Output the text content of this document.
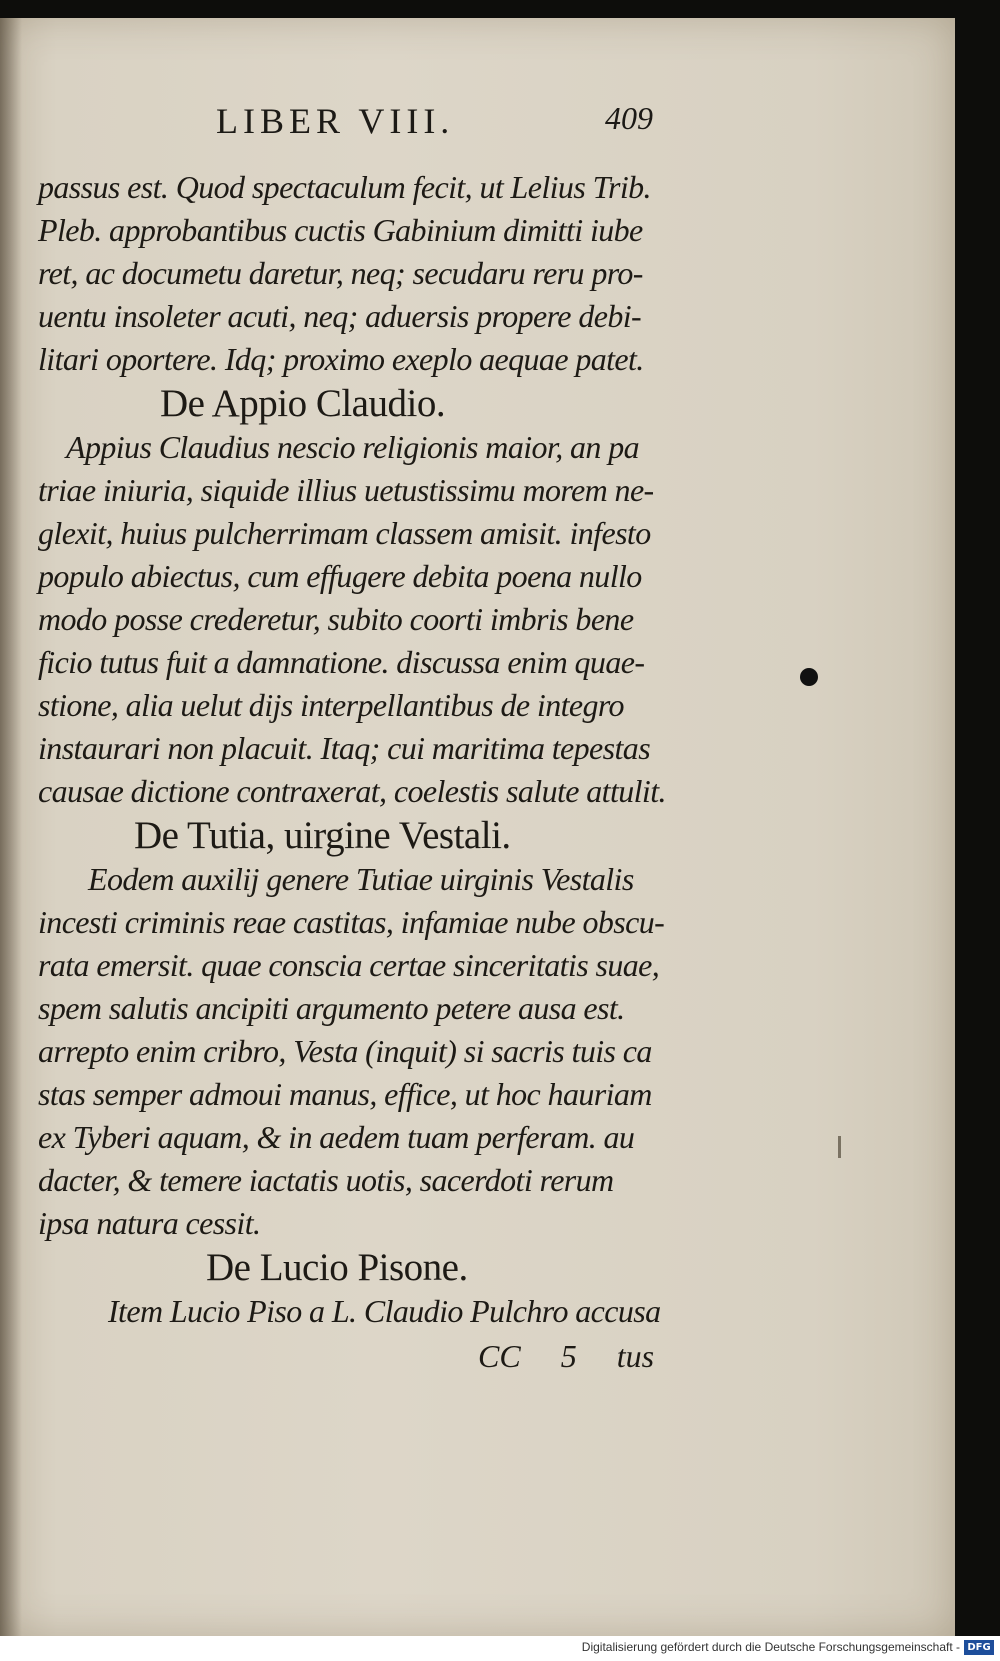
LIBER VIII.	409
passus est. Quod spectaculum fecit, ut Lelius Trib.
Pleb. approbantibus cuctis Gabinium dimitti iube
ret, ac documetu daretur, neq; secudaru reru pro-
uentu insoleter acuti, neq; aduersis propere debi-
litari oportere. Idq; proximo exeplo aequae patet.
De Appio Claudio.
Appius Claudius nescio religionis maior, an pa
triae iniuria, siquide illius uetustissimu morem ne-
glexit, huius pulcherrimam classem amisit. infesto
populo abiectus, cum effugere debita poena nullo
modo posse crederetur, subito coorti imbris bene
ficio tutus fuit a damnatione. discussa enim quae-
stione, alia uelut dijs interpellantibus de integro
instaurari non placuit. Itaq; cui maritima tepestas
causae dictione contraxerat, coelestis salute attulit.
De Tutia, uirgine Vestali.
Eodem auxilij genere Tutiae uirginis Vestalis
incesti criminis reae castitas, infamiae nube obscu-
rata emersit. quae conscia certae sinceritatis suae,
spem salutis ancipiti argumento petere ausa est.
arrepto enim cribro, Vesta (inquit) si sacris tuis ca
stas semper admoui manus, effice, ut hoc hauriam
ex Tyberi aquam, & in aedem tuam perferam. au
dacter, & temere iactatis uotis, sacerdoti rerum
ipsa natura cessit.
De Lucio Pisone.
Item Lucio Piso a L. Claudio Pulchro accusa
CC 5 tus
Digitalisierung gefördert durch die Deutsche Forschungsgemeinschaft - DFG
